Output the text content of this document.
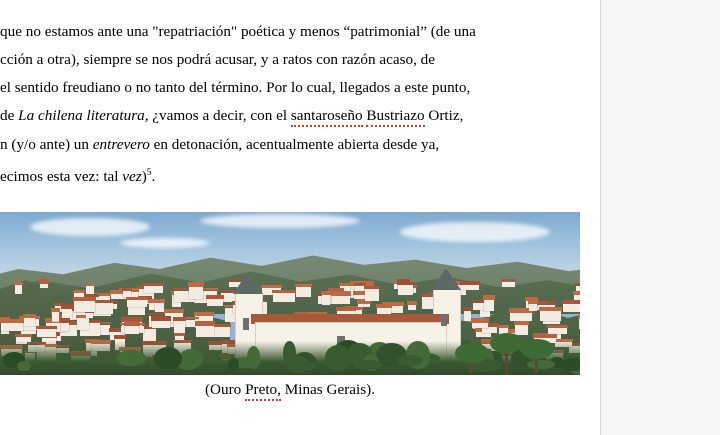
que no estamos ante una "repatriación" poética y menos “patrimonial” (de una
cción a otra), siempre se nos podrá acusar, y a ratos con razón acaso, de
el sentido freudiano o no tanto del término. Por lo cual, llegados a este punto,
de La chilena literatura, ¿vamos a decir, con el santaroseño Bustriazo Ortiz,
n (y/o ante) un entrevero en detonación, acentualmente abierta desde ya,
ecimos esta vez: tal vez)$^5$.
(Ouro Preto, Minas Gerais).
